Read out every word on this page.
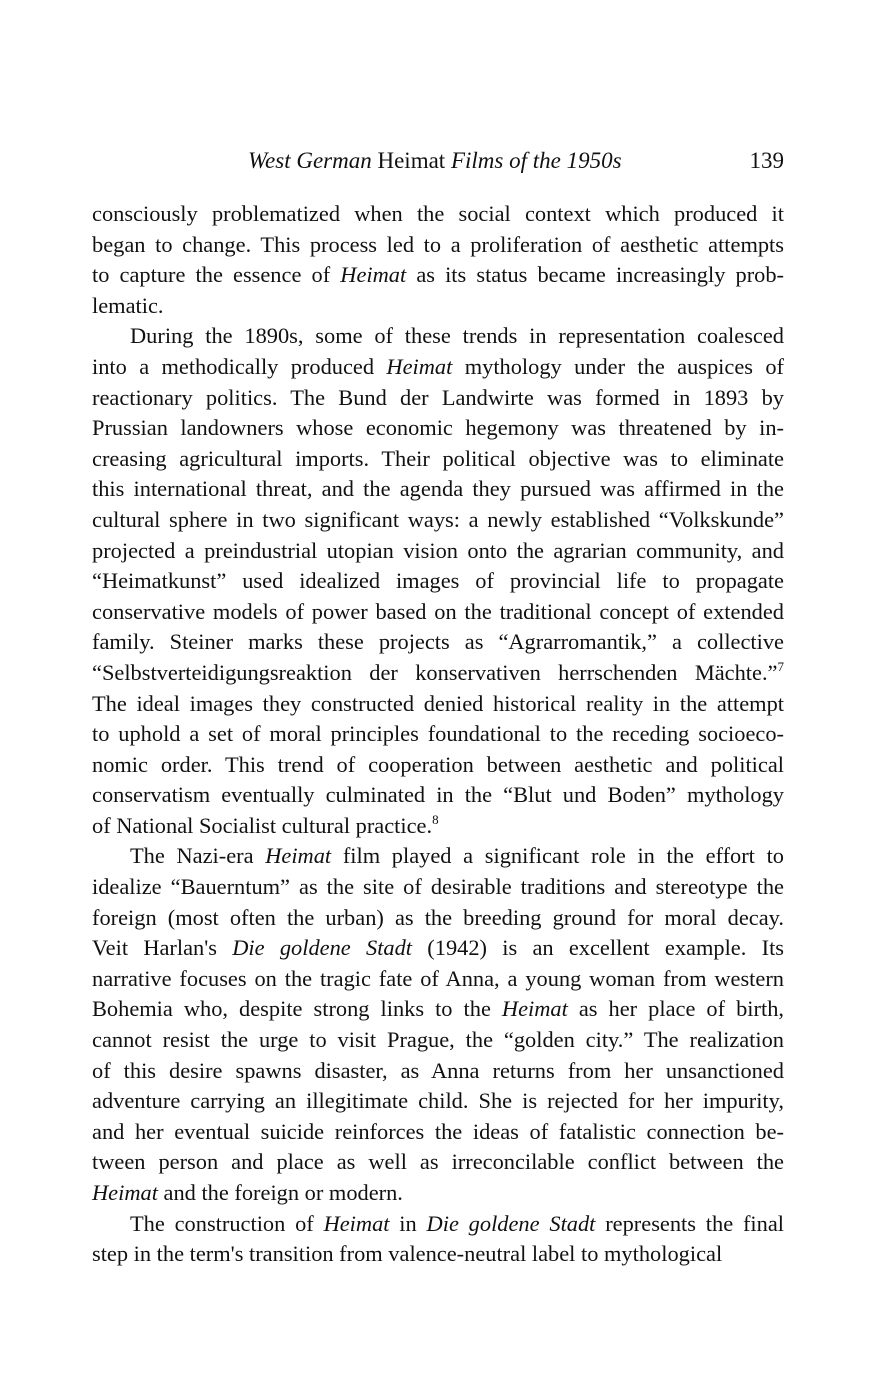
West German Heimat Films of the 1950s	139
consciously problematized when the social context which produced it
began to change. This process led to a proliferation of aesthetic attempts
to capture the essence of Heimat as its status became increasingly prob-
lematic.
During the 1890s, some of these trends in representation coalesced
into a methodically produced Heimat mythology under the auspices of
reactionary politics. The Bund der Landwirte was formed in 1893 by
Prussian landowners whose economic hegemony was threatened by in-
creasing agricultural imports. Their political objective was to eliminate
this international threat, and the agenda they pursued was affirmed in the
cultural sphere in two significant ways: a newly established “Volkskunde”
projected a preindustrial utopian vision onto the agrarian community, and
“Heimatkunst” used idealized images of provincial life to propagate
conservative models of power based on the traditional concept of extended
family. Steiner marks these projects as “Agrarromantik,” a collective
“Selbstverteidigungsreaktion der konservativen herrschenden Mächte.”$^7$
The ideal images they constructed denied historical reality in the attempt
to uphold a set of moral principles foundational to the receding socioeco-
nomic order. This trend of cooperation between aesthetic and political
conservatism eventually culminated in the “Blut und Boden” mythology
of National Socialist cultural practice.$^8$
The Nazi-era Heimat film played a significant role in the effort to
idealize “Bauerntum” as the site of desirable traditions and stereotype the
foreign (most often the urban) as the breeding ground for moral decay.
Veit Harlan's Die goldene Stadt (1942) is an excellent example. Its
narrative focuses on the tragic fate of Anna, a young woman from western
Bohemia who, despite strong links to the Heimat as her place of birth,
cannot resist the urge to visit Prague, the “golden city.” The realization
of this desire spawns disaster, as Anna returns from her unsanctioned
adventure carrying an illegitimate child. She is rejected for her impurity,
and her eventual suicide reinforces the ideas of fatalistic connection be-
tween person and place as well as irreconcilable conflict between the
Heimat and the foreign or modern.
The construction of Heimat in Die goldene Stadt represents the final
step in the term's transition from valence-neutral label to mythological
